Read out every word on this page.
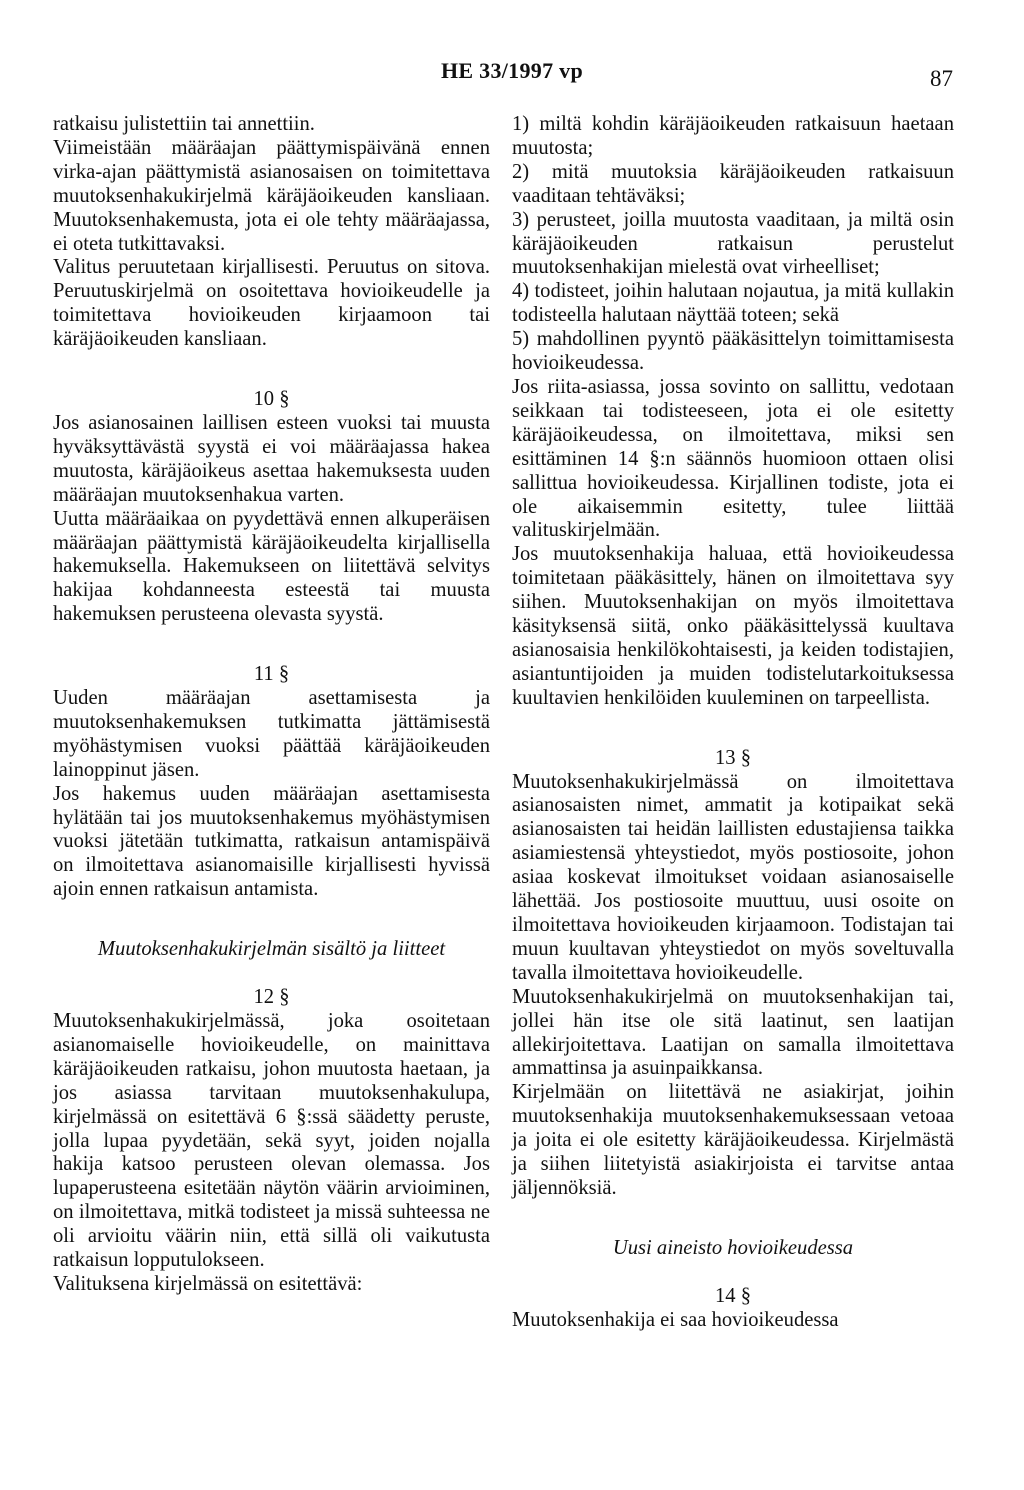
HE 33/1997 vp	87

ratkaisu julistettiin tai annettiin.

Viimeistään määräajan päättymispäivänä ennen virka-ajan päättymistä asianosaisen on toimitettava muutoksenhakukirjelmä käräjäoikeuden kansliaan. Muutoksenhakemusta, jota ei ole tehty määräajassa, ei oteta tutkittavaksi.

Valitus peruutetaan kirjallisesti. Peruutus on sitova. Peruutuskirjelmä on osoitettava hovioikeudelle ja toimitettava hovioikeuden kirjaamoon tai käräjäoikeuden kansliaan.

10 §

Jos asianosainen laillisen esteen vuoksi tai muusta hyväksyttävästä syystä ei voi määräajassa hakea muutosta, käräjäoikeus asettaa hakemuksesta uuden määräajan muutoksenhakua varten.

Uutta määräaikaa on pyydettävä ennen alkuperäisen määräajan päättymistä käräjäoikeudelta kirjallisella hakemuksella. Hakemukseen on liitettävä selvitys hakijaa kohdanneesta esteestä tai muusta hakemuksen perusteena olevasta syystä.

11 §

Uuden määräajan asettamisesta ja muutoksenhakemuksen tutkimatta jättämisestä myöhästymisen vuoksi päättää käräjäoikeuden lainoppinut jäsen.

Jos hakemus uuden määräajan asettamisesta hylätään tai jos muutoksenhakemus myöhästymisen vuoksi jätetään tutkimatta, ratkaisun antamispäivä on ilmoitettava asianomaisille kirjallisesti hyvissä ajoin ennen ratkaisun antamista.

Muutoksenhakukirjelmän sisältö ja liitteet

12 §

Muutoksenhakukirjelmässä, joka osoitetaan asianomaiselle hovioikeudelle, on mainittava käräjäoikeuden ratkaisu, johon muutosta haetaan, ja jos asiassa tarvitaan muutoksenhakulupa, kirjelmässä on esitettävä 6 §:ssä säädetty peruste, jolla lupaa pyydetään, sekä syyt, joiden nojalla hakija katsoo perusteen olevan olemassa. Jos lupaperusteena esitetään näytön väärin arvioiminen, on ilmoitettava, mitkä todisteet ja missä suhteessa ne oli arvioitu väärin niin, että sillä oli vaikutusta ratkaisun lopputulokseen.

Valituksena kirjelmässä on esitettävä:

1) miltä kohdin käräjäoikeuden ratkaisuun haetaan muutosta;

2) mitä muutoksia käräjäoikeuden ratkaisuun vaaditaan tehtäväksi;

3) perusteet, joilla muutosta vaaditaan, ja miltä osin käräjäoikeuden ratkaisun perustelut muutoksenhakijan mielestä ovat virheelliset;

4) todisteet, joihin halutaan nojautua, ja mitä kullakin todisteella halutaan näyttää toteen; sekä

5) mahdollinen pyyntö pääkäsittelyn toimittamisesta hovioikeudessa.

Jos riita-asiassa, jossa sovinto on sallittu, vedotaan seikkaan tai todisteeseen, jota ei ole esitetty käräjäoikeudessa, on ilmoitettava, miksi sen esittäminen 14 §:n säännös huomioon ottaen olisi sallittua hovioikeudessa. Kirjallinen todiste, jota ei ole aikaisemmin esitetty, tulee liittää valituskirjelmään.

Jos muutoksenhakija haluaa, että hovioikeudessa toimitetaan pääkäsittely, hänen on ilmoitettava syy siihen. Muutoksenhakijan on myös ilmoitettava käsityksensä siitä, onko pääkäsittelyssä kuultava asianosaisia henkilökohtaisesti, ja keiden todistajien, asiantuntijoiden ja muiden todistelutarkoituksessa kuultavien henkilöiden kuuleminen on tarpeellista.

13 §

Muutoksenhakukirjelmässä on ilmoitettava asianosaisten nimet, ammatit ja kotipaikat sekä asianosaisten tai heidän laillisten edustajiensa taikka asiamiestensä yhteystiedot, myös postiosoite, johon asiaa koskevat ilmoitukset voidaan asianosaiselle lähettää. Jos postiosoite muuttuu, uusi osoite on ilmoitettava hovioikeuden kirjaamoon. Todistajan tai muun kuultavan yhteystiedot on myös soveltuvalla tavalla ilmoitettava hovioikeudelle.

Muutoksenhakukirjelmä on muutoksenhakijan tai, jollei hän itse ole sitä laatinut, sen laatijan allekirjoitettava. Laatijan on samalla ilmoitettava ammattinsa ja asuinpaikkansa.

Kirjelmään on liitettävä ne asiakirjat, joihin muutoksenhakija muutoksenhakemuksessaan vetoaa ja joita ei ole esitetty käräjäoikeudessa. Kirjelmästä ja siihen liitetyistä asiakirjoista ei tarvitse antaa jäljennöksiä.

Uusi aineisto hovioikeudessa

14 §

Muutoksenhakija ei saa hovioikeudessa
